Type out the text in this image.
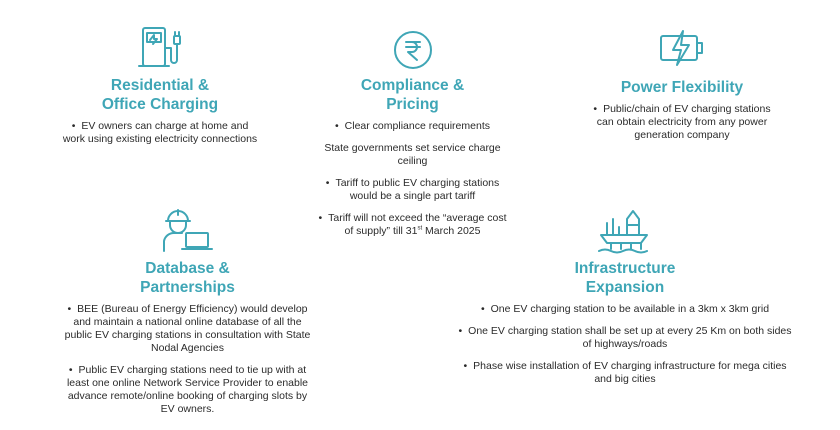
Residential &
Office Charging
• EV owners can charge at home and work using existing electricity connections
Compliance &
Pricing
• Clear compliance requirements
State governments set service charge ceiling
• Tariff to public EV charging stations would be a single part tariff
• Tariff will not exceed the “average cost of supply” till 31st March 2025
Power Flexibility
• Public/chain of EV charging stations can obtain electricity from any power generation company
Database &
Partnerships
• BEE (Bureau of Energy Efficiency) would develop and maintain a national online database of all the public EV charging stations in consultation with State Nodal Agencies
• Public EV charging stations need to tie up with at least one online Network Service Provider to enable advance remote/online booking of charging slots by EV owners.
Infrastructure
Expansion
• One EV charging station to be available in a 3km x 3km grid
• One EV charging station shall be set up at every 25 Km on both sides of highways/roads
• Phase wise installation of EV charging infrastructure for mega cities and big cities
